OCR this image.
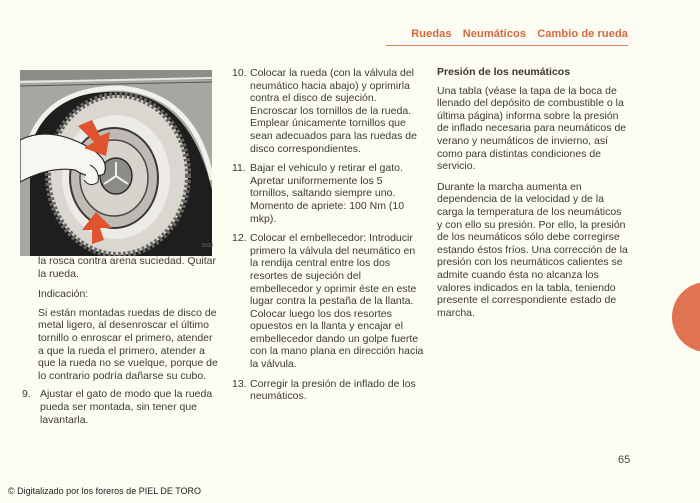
Ruedas Neumáticos Cambio de rueda
8300

la rosca contra arena suciedad. Quitar la rueda.

Indicación:

Si están montadas ruedas de disco de metal ligero, al desenroscar el último tornillo o enroscar el primero, atender a que la rueda el primero, atender a que la rueda no se vuelque, porque de lo contrario podría dañarse su cubo.

9. Ajustar el gato de modo que la rueda pueda ser montada, sin tener que lavantarla.
10. Colocar la rueda (con la válvula del neumático hacia abajo) y oprimirla contra el disco de sujeción. Encroscar los tornillos de la rueda. Emplear únicamente tornillos que sean adecuados para las ruedas de disco correspondientes.
11. Bajar el vehiculo y retirar el gato. Apretar uniformemente los 5 tornillos, saltando siempre uno. Momento de apriete: 100 Nm (10 mkp).
12. Colocar el embellecedor: Introducir primero la válvula del neumático en la rendija central entre los dos resortes de sujeción del embellecedor y oprimir éste en este lugar contra la pestaña de la llanta. Colocar luego los dos resortes opuestos en la llanta y encajar el embellecedor dando un golpe fuerte con la mano plana en dirección hacia la válvula.
13. Corregir la presión de inflado de los neumáticos.
Presión de los neumáticos

Una tabla (véase la tapa de la boca de llenado del depósito de combustible o la última página) informa sobre la presión de inflado necesaria para neumáticos de verano y neumáticos de invierno, así como para distintas condiciones de servicio.

Durante la marcha aumenta en dependencia de la velocidad y de la carga la temperatura de los neumáticos y con ello su presión. Por ello, la presión de los neumáticos sólo debe corregirse estando éstos fríos. Una corrección de la presión con los neumáticos calientes se admite cuando ésta no alcanza los valores indicados en la tabla, teniendo presente el correspondiente estado de marcha.

65
© Digitalizado por los foreros de PIEL DE TORO
